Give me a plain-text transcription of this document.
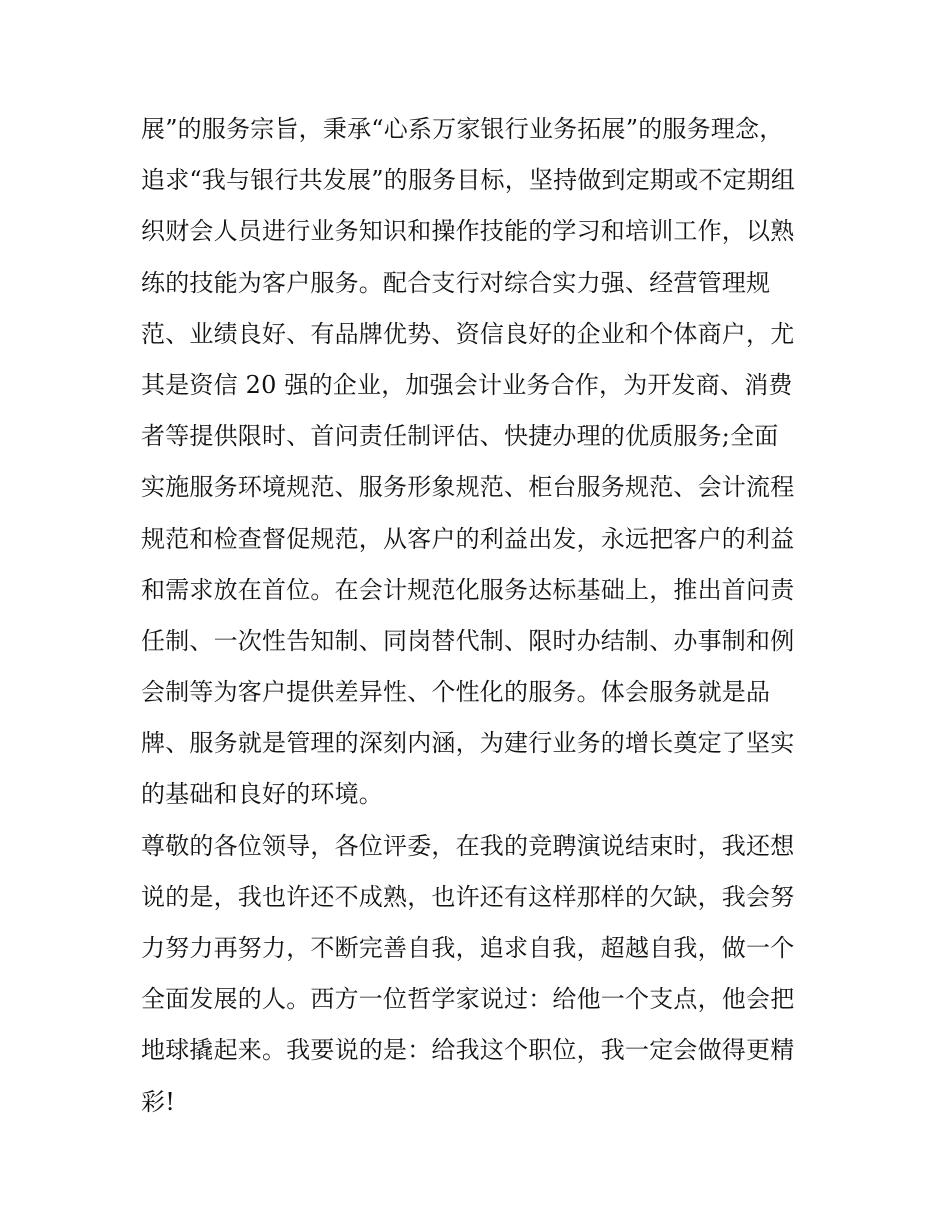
展”的服务宗旨，秉承“心系万家银行业务拓展”的服务理念，
追求“我与银行共发展”的服务目标，坚持做到定期或不定期组
织财会人员进行业务知识和操作技能的学习和培训工作，以熟
练的技能为客户服务。配合支行对综合实力强、经营管理规
范、业绩良好、有品牌优势、资信良好的企业和个体商户，尤
其是资信 20 强的企业，加强会计业务合作，为开发商、消费
者等提供限时、首问责任制评估、快捷办理的优质服务;全面
实施服务环境规范、服务形象规范、柜台服务规范、会计流程
规范和检查督促规范，从客户的利益出发，永远把客户的利益
和需求放在首位。在会计规范化服务达标基础上，推出首问责
任制、一次性告知制、同岗替代制、限时办结制、办事制和例
会制等为客户提供差异性、个性化的服务。体会服务就是品
牌、服务就是管理的深刻内涵，为建行业务的增长奠定了坚实
的基础和良好的环境。
尊敬的各位领导，各位评委，在我的竞聘演说结束时，我还想
说的是，我也许还不成熟，也许还有这样那样的欠缺，我会努
力努力再努力，不断完善自我，追求自我，超越自我，做一个
全面发展的人。西方一位哲学家说过：给他一个支点，他会把
地球撬起来。我要说的是：给我这个职位，我一定会做得更精
彩!
